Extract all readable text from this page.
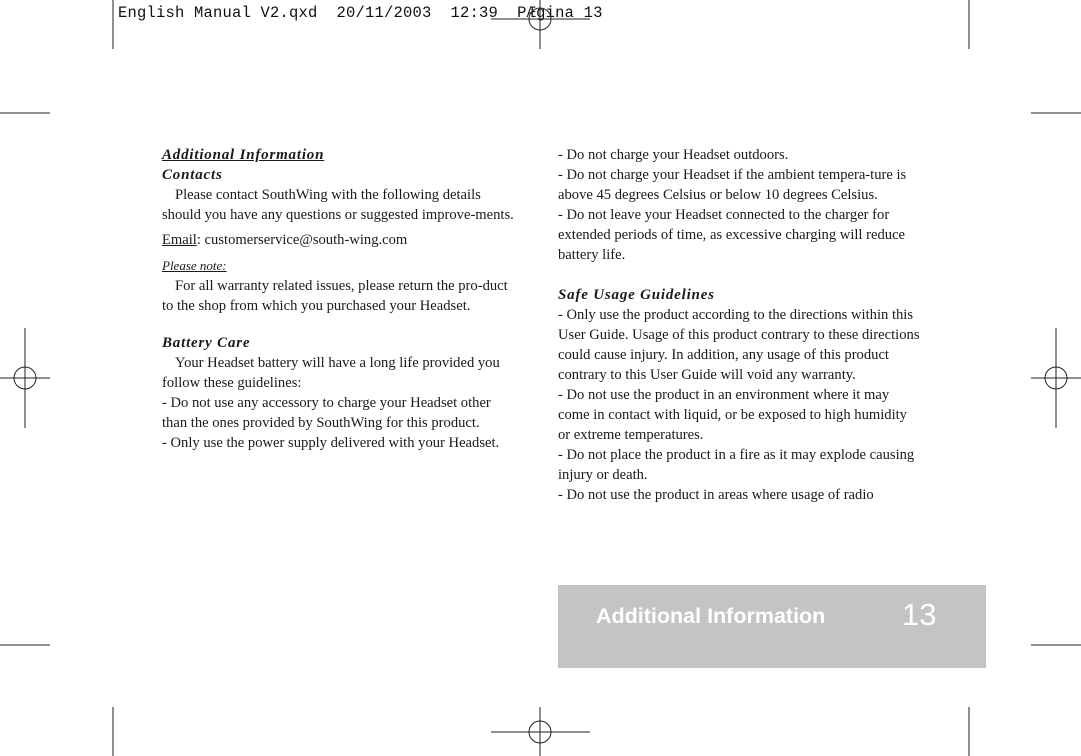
English Manual V2.qxd  20/11/2003  12:39  PÆgina 13

Additional Information

Contacts

Please contact SouthWing with the following details should you have any questions or suggested improve-ments.

Email: customerservice@south-wing.com

Please note:

For all warranty related issues, please return the pro-duct to the shop from which you purchased your Headset.

Battery Care

Your Headset battery will have a long life provided you follow these guidelines:

- Do not use any accessory to charge your Headset other than the ones provided by SouthWing for this product.

- Only use the power supply delivered with your Headset.

- Do not charge your Headset outdoors.

- Do not charge your Headset if the ambient tempera-ture is above 45 degrees Celsius or below 10 degrees Celsius.

- Do not leave your Headset connected to the charger for extended periods of time, as excessive charging will reduce battery life.

Safe Usage Guidelines

- Only use the product according to the directions within this User Guide. Usage of this product contrary to these directions could cause injury. In addition, any usage of this product contrary to this User Guide will void any warranty.

- Do not use the product in an environment where it may come in contact with liquid, or be exposed to high humidity or extreme temperatures.

- Do not place the product in a fire as it may explode causing injury or death.

- Do not use the product in areas where usage of radio

Additional Information 13
